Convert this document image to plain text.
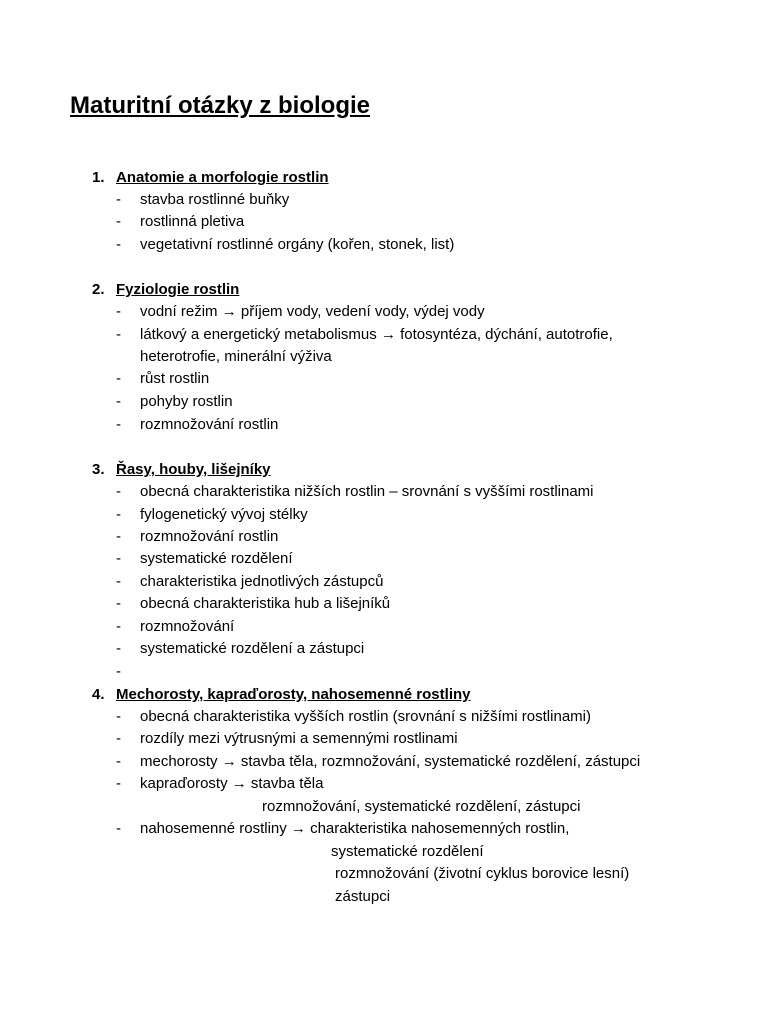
Maturitní otázky z biologie
1. Anatomie a morfologie rostlin
- stavba rostlinné buňky
- rostlinná pletiva
- vegetativní rostlinné orgány (kořen, stonek, list)
2. Fyziologie rostlin
- vodní režim → příjem vody, vedení vody, výdej vody
- látkový a energetický metabolismus → fotosyntéza, dýchání, autotrofie,
heterotrofie, minerální výživa
- růst rostlin
- pohyby rostlin
- rozmnožování rostlin
3. Řasy, houby, lišejníky
- obecná charakteristika nižších rostlin – srovnání s vyššími rostlinami
- fylogenetický vývoj stélky
- rozmnožování rostlin
- systematické rozdělení
- charakteristika jednotlivých zástupců
- obecná charakteristika hub a lišejníků
- rozmnožování
- systematické rozdělení a zástupci
-
4. Mechorosty, kapraďorosty, nahosemenné rostliny
- obecná charakteristika vyšších rostlin (srovnání s nižšími rostlinami)
- rozdíly mezi výtrusnými a semennými rostlinami
- mechorosty → stavba těla, rozmnožování, systematické rozdělení, zástupci
- kapraďorosty → stavba těla
rozmnožování, systematické rozdělení, zástupci
- nahosemenné rostliny → charakteristika nahosemenných rostlin,
systematické rozdělení
rozmnožování (životní cyklus borovice lesní)
zástupci
